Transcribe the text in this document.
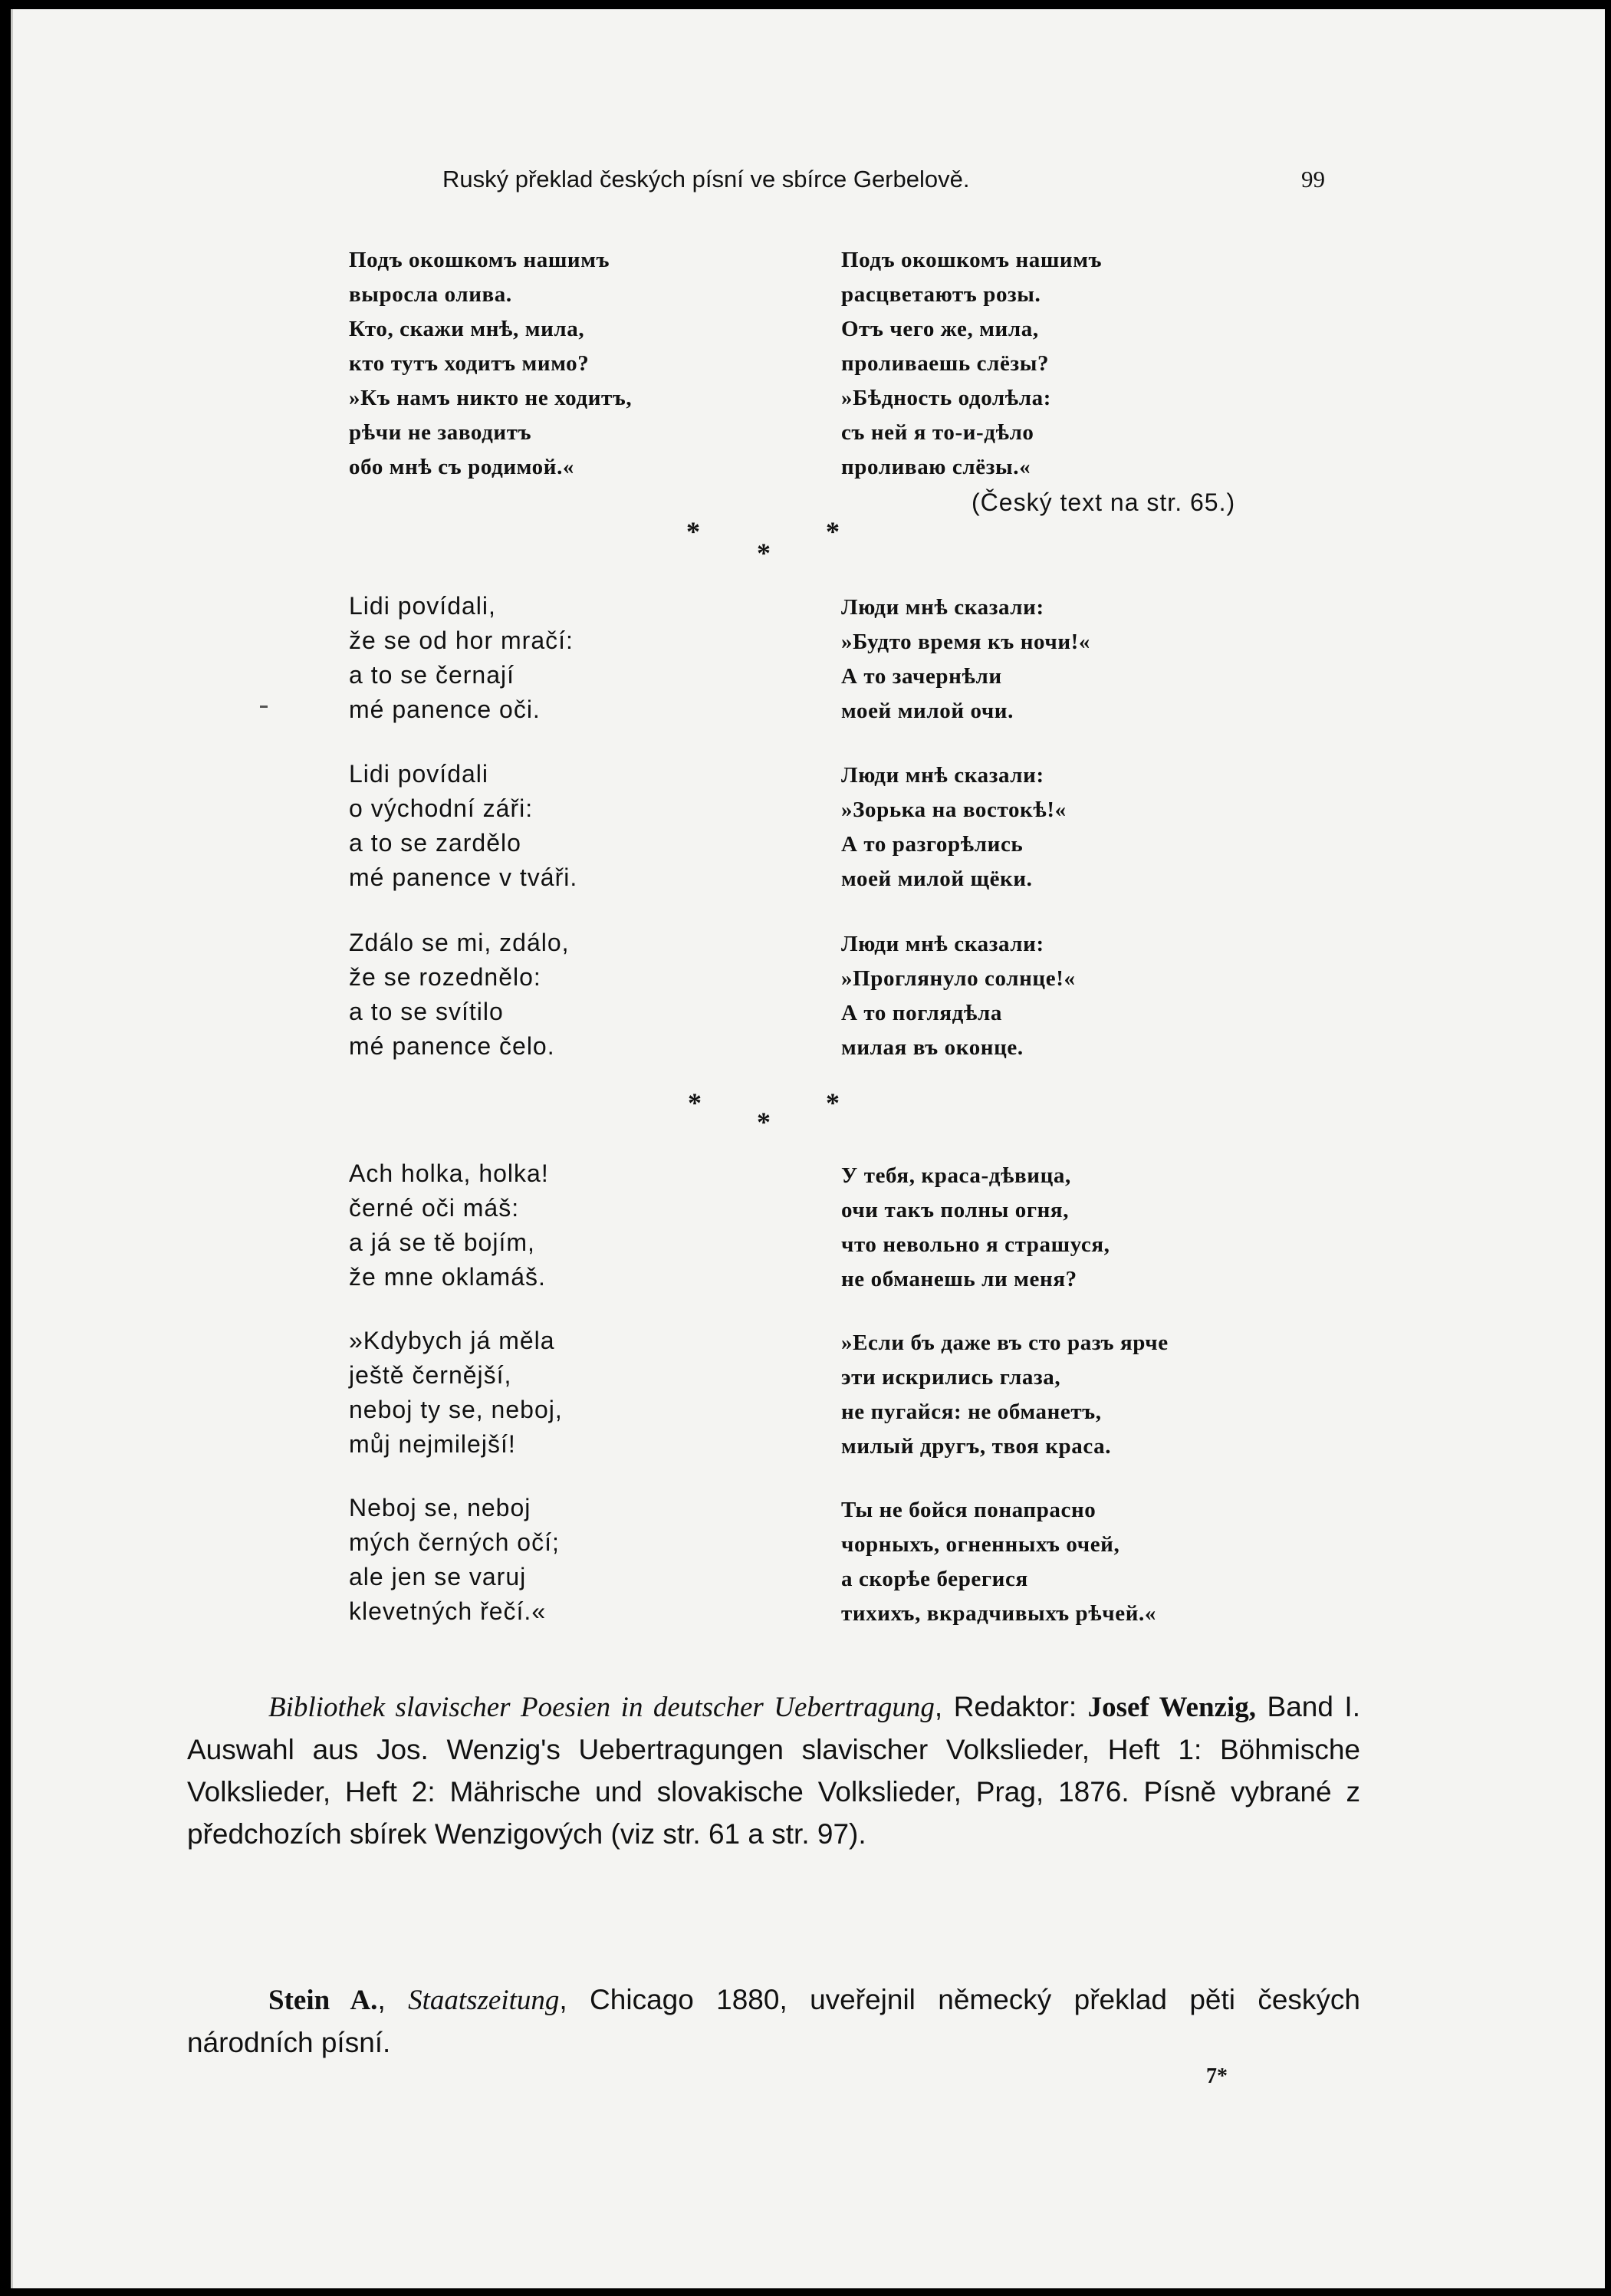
Ruský překlad českých písní ve sbírce Gerbelově.	99
Подъ окошкомъ нашимъ
выросла олива.
Кто, скажи мнѣ, мила,
кто тутъ ходитъ мимо?
»Къ намъ никто не ходитъ,
рѣчи не заводитъ
обо мнѣ съ родимой.«
Подъ окошкомъ нашимъ
расцветаютъ розы.
Отъ чего же, мила,
проливаешь слёзы?
»Бѣдность одолѣла:
съ ней я то-и-дѣло
проливаю слёзы.«
(Český text na str. 65.)
*
*
*
Lidi povídali,
že se od hor mračí:
a to se černají
mé panence oči.
Люди мнѣ сказали:
»Будто время къ ночи!«
А то зачернѣли
моей милой очи.
Lidi povídali
o východní záři:
a to se zardělo
mé panence v tváři.
Люди мнѣ сказали:
»Зорька на востокѣ!«
А то разгорѣлись
моей милой щёки.
Zdálo se mi, zdálo,
že se rozednělo:
a to se svítilo
mé panence čelo.
Люди мнѣ сказали:
»Проглянуло солнце!«
А то поглядѣла
милая въ оконце.
*
*
*
Ach holka, holka!
černé oči máš:
a já se tě bojím,
že mne oklamáš.
У тебя, краса-дѣвица,
очи такъ полны огня,
что невольно я страшуся,
не обманешь ли меня?
»Kdybych já měla
ještě černější,
neboj ty se, neboj,
můj nejmilejší!
»Если бъ даже въ сто разъ ярче
эти искрились глаза,
не пугайся: не обманетъ,
милый другъ, твоя краса.
Neboj se, neboj
mých černých očí;
ale jen se varuj
klevetných řečí.«
Ты не бойся понапрасно
чорныхъ, огненныхъ очей,
а скорѣе берегися
тихихъ, вкрадчивыхъ рѣчей.«

Bibliothek slavischer Poesien in deutscher Uebertragung, Redaktor: Josef Wenzig, Band I. Auswahl aus Jos. Wenzig's Uebertragungen slavischer Volkslieder, Heft 1: Böhmische Volkslieder, Heft 2: Mährische und slovakische Volkslieder, Prag, 1876. Písně vybrané z předchozích sbírek Wenzigových (viz str. 61 a str. 97).

Stein A., Staatszeitung, Chicago 1880, uveřejnil německý překlad pěti českých národních písní.

7*
